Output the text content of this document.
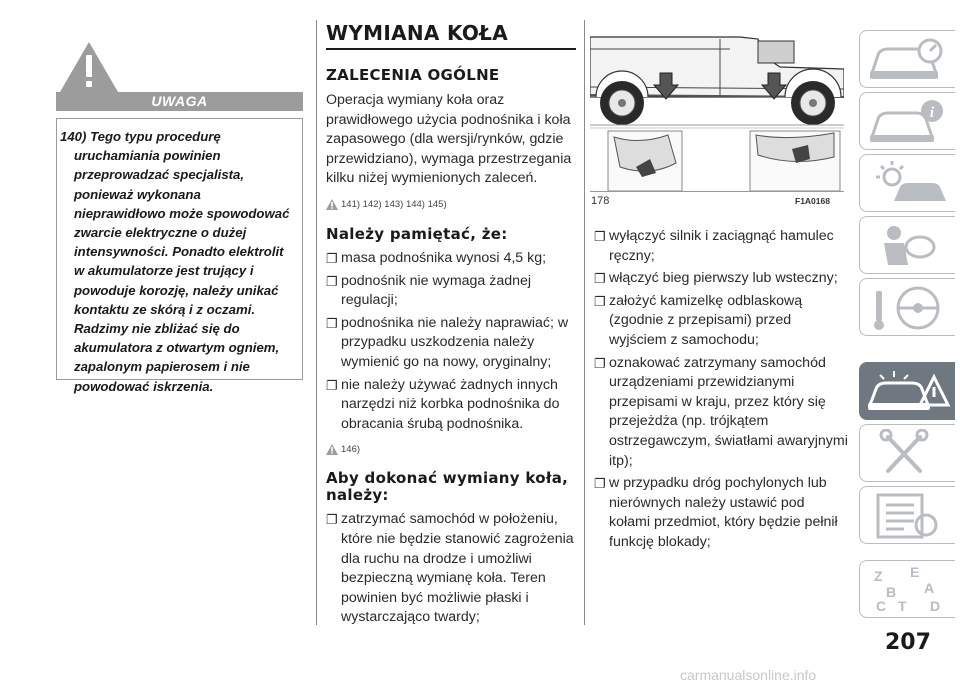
UWAGA
140) Tego typu procedurę
uruchamiania powinien przeprowadzać specjalista, ponieważ wykonana nieprawidłowo może spowodować zwarcie elektryczne o dużej intensywności. Ponadto elektrolit w akumulatorze jest trujący i powoduje korozję, należy unikać kontaktu ze skórą i z oczami. Radzimy nie zbliżać się do akumulatora z otwartym ogniem, zapalonym papierosem i nie powodować iskrzenia.
WYMIANA KOŁA
ZALECENIA OGÓLNE

Operacja wymiany koła oraz prawidłowego użycia podnośnika i koła zapasowego (dla wersji/rynków, gdzie przewidziano), wymaga przestrzegania kilku niżej wymienionych zaleceń.

141) 142) 143) 144) 145)
Należy pamiętać, że:
❐ masa podnośnika wynosi 4,5 kg;
❐ podnośnik nie wymaga żadnej regulacji;
❐ podnośnika nie należy naprawiać; w przypadku uszkodzenia należy wymienić go na nowy, oryginalny;
❐ nie należy używać żadnych innych narzędzi niż korbka podnośnika do obracania śrubą podnośnika.
146)
Aby dokonać wymiany koła, należy:
❐ zatrzymać samochód w położeniu, które nie będzie stanowić zagrożenia dla ruchu na drodze i umożliwi bezpieczną wymianę koła. Teren powinien być możliwie płaski i wystarczająco twardy;
178	F1A0168
❐ wyłączyć silnik i zaciągnąć hamulec ręczny;
❐ włączyć bieg pierwszy lub wsteczny;
❐ założyć kamizelkę odblaskową (zgodnie z przepisami) przed wyjściem z samochodu;
❐ oznakować zatrzymany samochód urządzeniami przewidzianymi przepisami w kraju, przez który się przejeżdża (np. trójkątem ostrzegawczym, światłami awaryjnymi itp);
❐ w przypadku dróg pochylonych lub nierównych należy ustawić pod kołami przedmiot, który będzie pełnił funkcję blokady;
i
Z E
A
B
C	D
T
207
carmanualsonline.info
